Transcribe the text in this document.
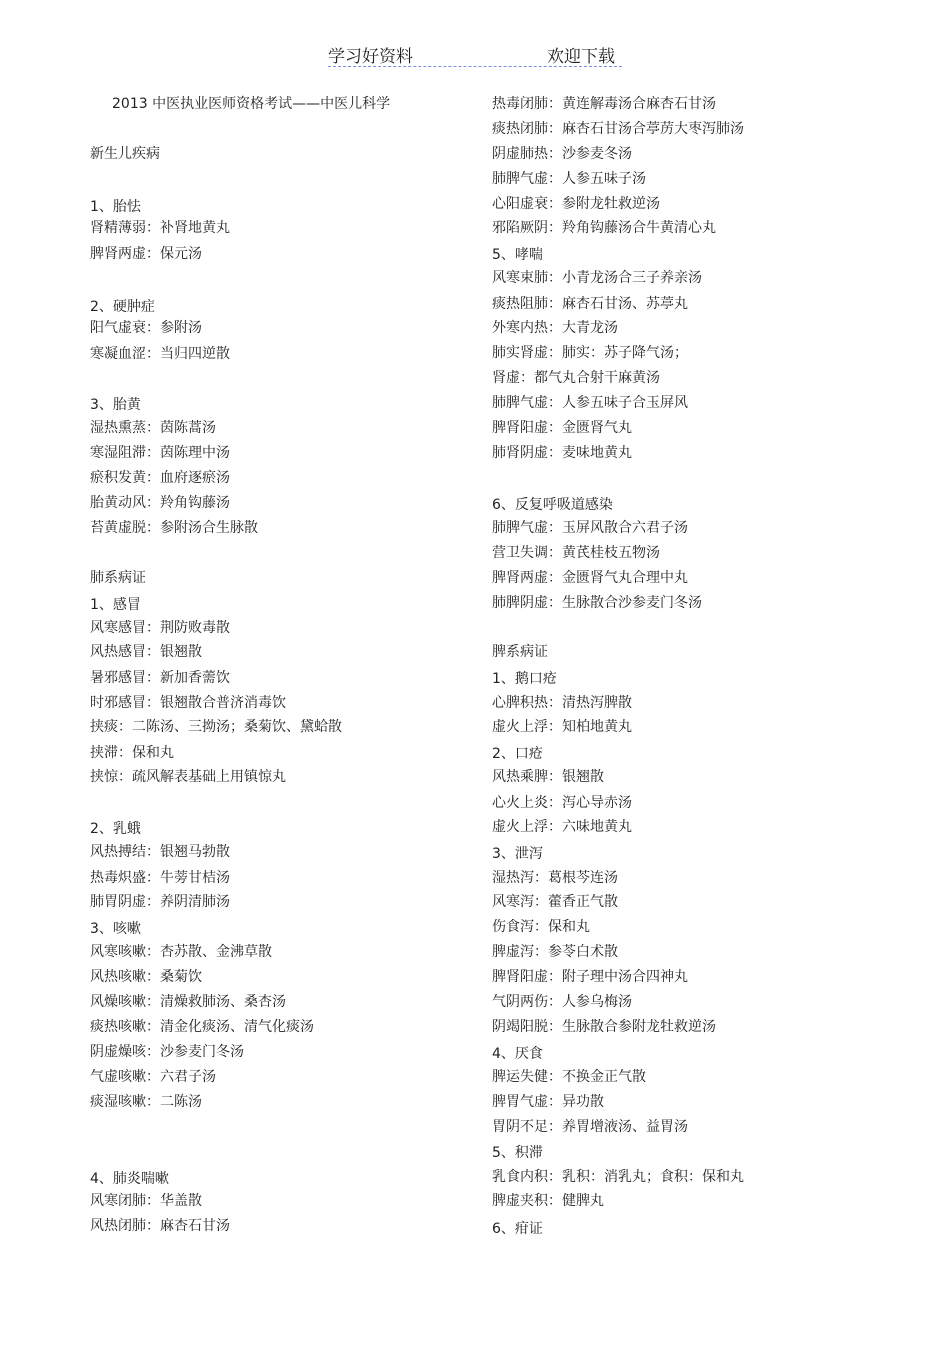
学习好资料	欢迎下载
2013 中医执业医师资格考试——中医儿科学
新生儿疾病
1、胎怯
肾精薄弱：补肾地黄丸
脾肾两虚：保元汤
2、硬肿症
阳气虚衰：参附汤
寒凝血涩：当归四逆散
3、胎黄
湿热熏蒸：茵陈蒿汤
寒湿阻滞：茵陈理中汤
瘀积发黄：血府逐瘀汤
胎黄动风：羚角钩藤汤
苔黄虚脱：参附汤合生脉散
肺系病证
1、感冒
风寒感冒：荆防败毒散
风热感冒：银翘散
暑邪感冒：新加香薷饮
时邪感冒：银翘散合普济消毒饮
挟痰：二陈汤、三拗汤；桑菊饮、黛蛤散
挟滞：保和丸
挟惊：疏风解表基础上用镇惊丸
2、乳蛾
风热搏结：银翘马勃散
热毒炽盛：牛蒡甘桔汤
肺胃阴虚：养阴清肺汤
3、咳嗽
风寒咳嗽：杏苏散、金沸草散
风热咳嗽：桑菊饮
风燥咳嗽：清燥救肺汤、桑杏汤
痰热咳嗽：清金化痰汤、清气化痰汤
阴虚燥咳：沙参麦门冬汤
气虚咳嗽：六君子汤
痰湿咳嗽：二陈汤
4、肺炎喘嗽
风寒闭肺：华盖散
风热闭肺：麻杏石甘汤
热毒闭肺：黄连解毒汤合麻杏石甘汤
痰热闭肺：麻杏石甘汤合葶苈大枣泻肺汤
阴虚肺热：沙参麦冬汤
肺脾气虚：人参五味子汤
心阳虚衰：参附龙牡救逆汤
邪陷厥阴：羚角钩藤汤合牛黄清心丸
5、哮喘
风寒束肺：小青龙汤合三子养亲汤
痰热阻肺：麻杏石甘汤、苏葶丸
外寒内热：大青龙汤
肺实肾虚：肺实：苏子降气汤；
肾虚：都气丸合射干麻黄汤
肺脾气虚：人参五味子合玉屏风
脾肾阳虚：金匮肾气丸
肺肾阴虚：麦味地黄丸
6、反复呼吸道感染
肺脾气虚：玉屏风散合六君子汤
营卫失调：黄芪桂枝五物汤
脾肾两虚：金匮肾气丸合理中丸
肺脾阴虚：生脉散合沙参麦门冬汤
脾系病证
1、鹅口疮
心脾积热：清热泻脾散
虚火上浮：知柏地黄丸
2、口疮
风热乘脾：银翘散
心火上炎：泻心导赤汤
虚火上浮：六味地黄丸
3、泄泻
湿热泻：葛根芩连汤
风寒泻：藿香正气散
伤食泻：保和丸
脾虚泻：参苓白术散
脾肾阳虚：附子理中汤合四神丸
气阴两伤：人参乌梅汤
阴竭阳脱：生脉散合参附龙牡救逆汤
4、厌食
脾运失健：不换金正气散
脾胃气虚：异功散
胃阴不足：养胃增液汤、益胃汤
5、积滞
乳食内积：乳积：消乳丸；食积：保和丸
脾虚夹积：健脾丸
6、疳证
